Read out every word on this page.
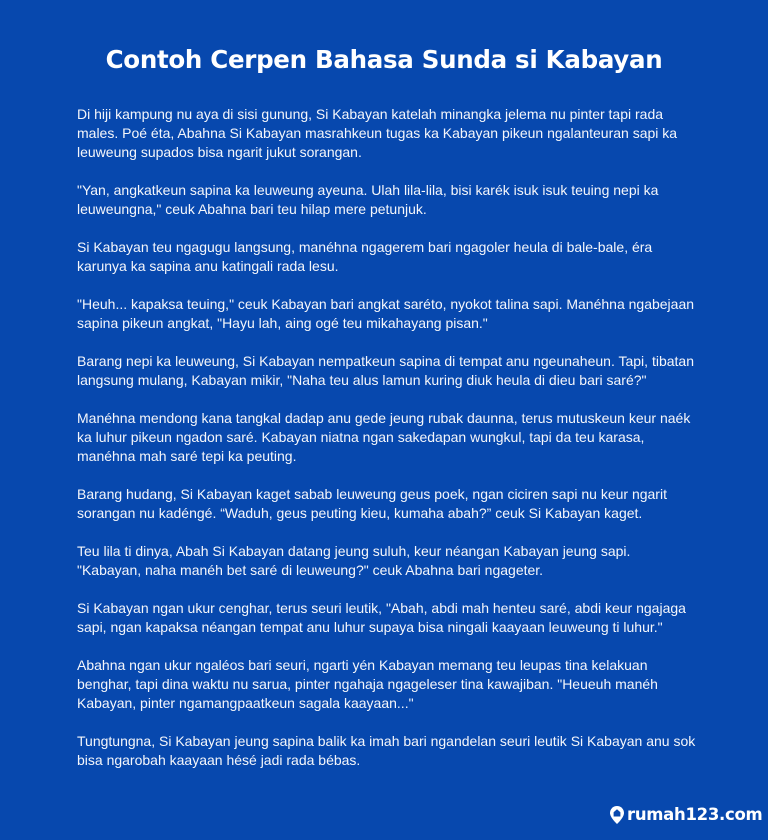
Contoh Cerpen Bahasa Sunda si Kabayan

Di hiji kampung nu aya di sisi gunung, Si Kabayan katelah minangka jelema nu pinter tapi rada males. Poé éta, Abahna Si Kabayan masrahkeun tugas ka Kabayan pikeun ngalanteuran sapi ka leuweung supados bisa ngarit jukut sorangan.

"Yan, angkatkeun sapina ka leuweung ayeuna. Ulah lila-lila, bisi karék isuk isuk teuing nepi ka leuweungna," ceuk Abahna bari teu hilap mere petunjuk.

Si Kabayan teu ngagugu langsung, manéhna ngagerem bari ngagoler heula di bale-bale, éra karunya ka sapina anu katingali rada lesu.

"Heuh... kapaksa teuing," ceuk Kabayan bari angkat saréto, nyokot talina sapi. Manéhna ngabejaan sapina pikeun angkat, "Hayu lah, aing ogé teu mikahayang pisan."

Barang nepi ka leuweung, Si Kabayan nempatkeun sapina di tempat anu ngeunaheun. Tapi, tibatan langsung mulang, Kabayan mikir, "Naha teu alus lamun kuring diuk heula di dieu bari saré?"

Manéhna mendong kana tangkal dadap anu gede jeung rubak daunna, terus mutuskeun keur naék ka luhur pikeun ngadon saré. Kabayan niatna ngan sakedapan wungkul, tapi da teu karasa, manéhna mah saré tepi ka peuting.

Barang hudang, Si Kabayan kaget sabab leuweung geus poek, ngan ciciren sapi nu keur ngarit sorangan nu kadéngé. “Waduh, geus peuting kieu, kumaha abah?” ceuk Si Kabayan kaget.

Teu lila ti dinya, Abah Si Kabayan datang jeung suluh, keur néangan Kabayan jeung sapi. "Kabayan, naha manéh bet saré di leuweung?" ceuk Abahna bari ngageter.

Si Kabayan ngan ukur cenghar, terus seuri leutik, "Abah, abdi mah henteu saré, abdi keur ngajaga sapi, ngan kapaksa néangan tempat anu luhur supaya bisa ningali kaayaan leuweung ti luhur."

Abahna ngan ukur ngaléos bari seuri, ngarti yén Kabayan memang teu leupas tina kelakuan benghar, tapi dina waktu nu sarua, pinter ngahaja ngageleser tina kawajiban. "Heueuh manéh Kabayan, pinter ngamangpaatkeun sagala kaayaan..."

Tungtungna, Si Kabayan jeung sapina balik ka imah bari ngandelan seuri leutik Si Kabayan anu sok bisa ngarobah kaayaan hésé jadi rada bébas.

rumah123.com
